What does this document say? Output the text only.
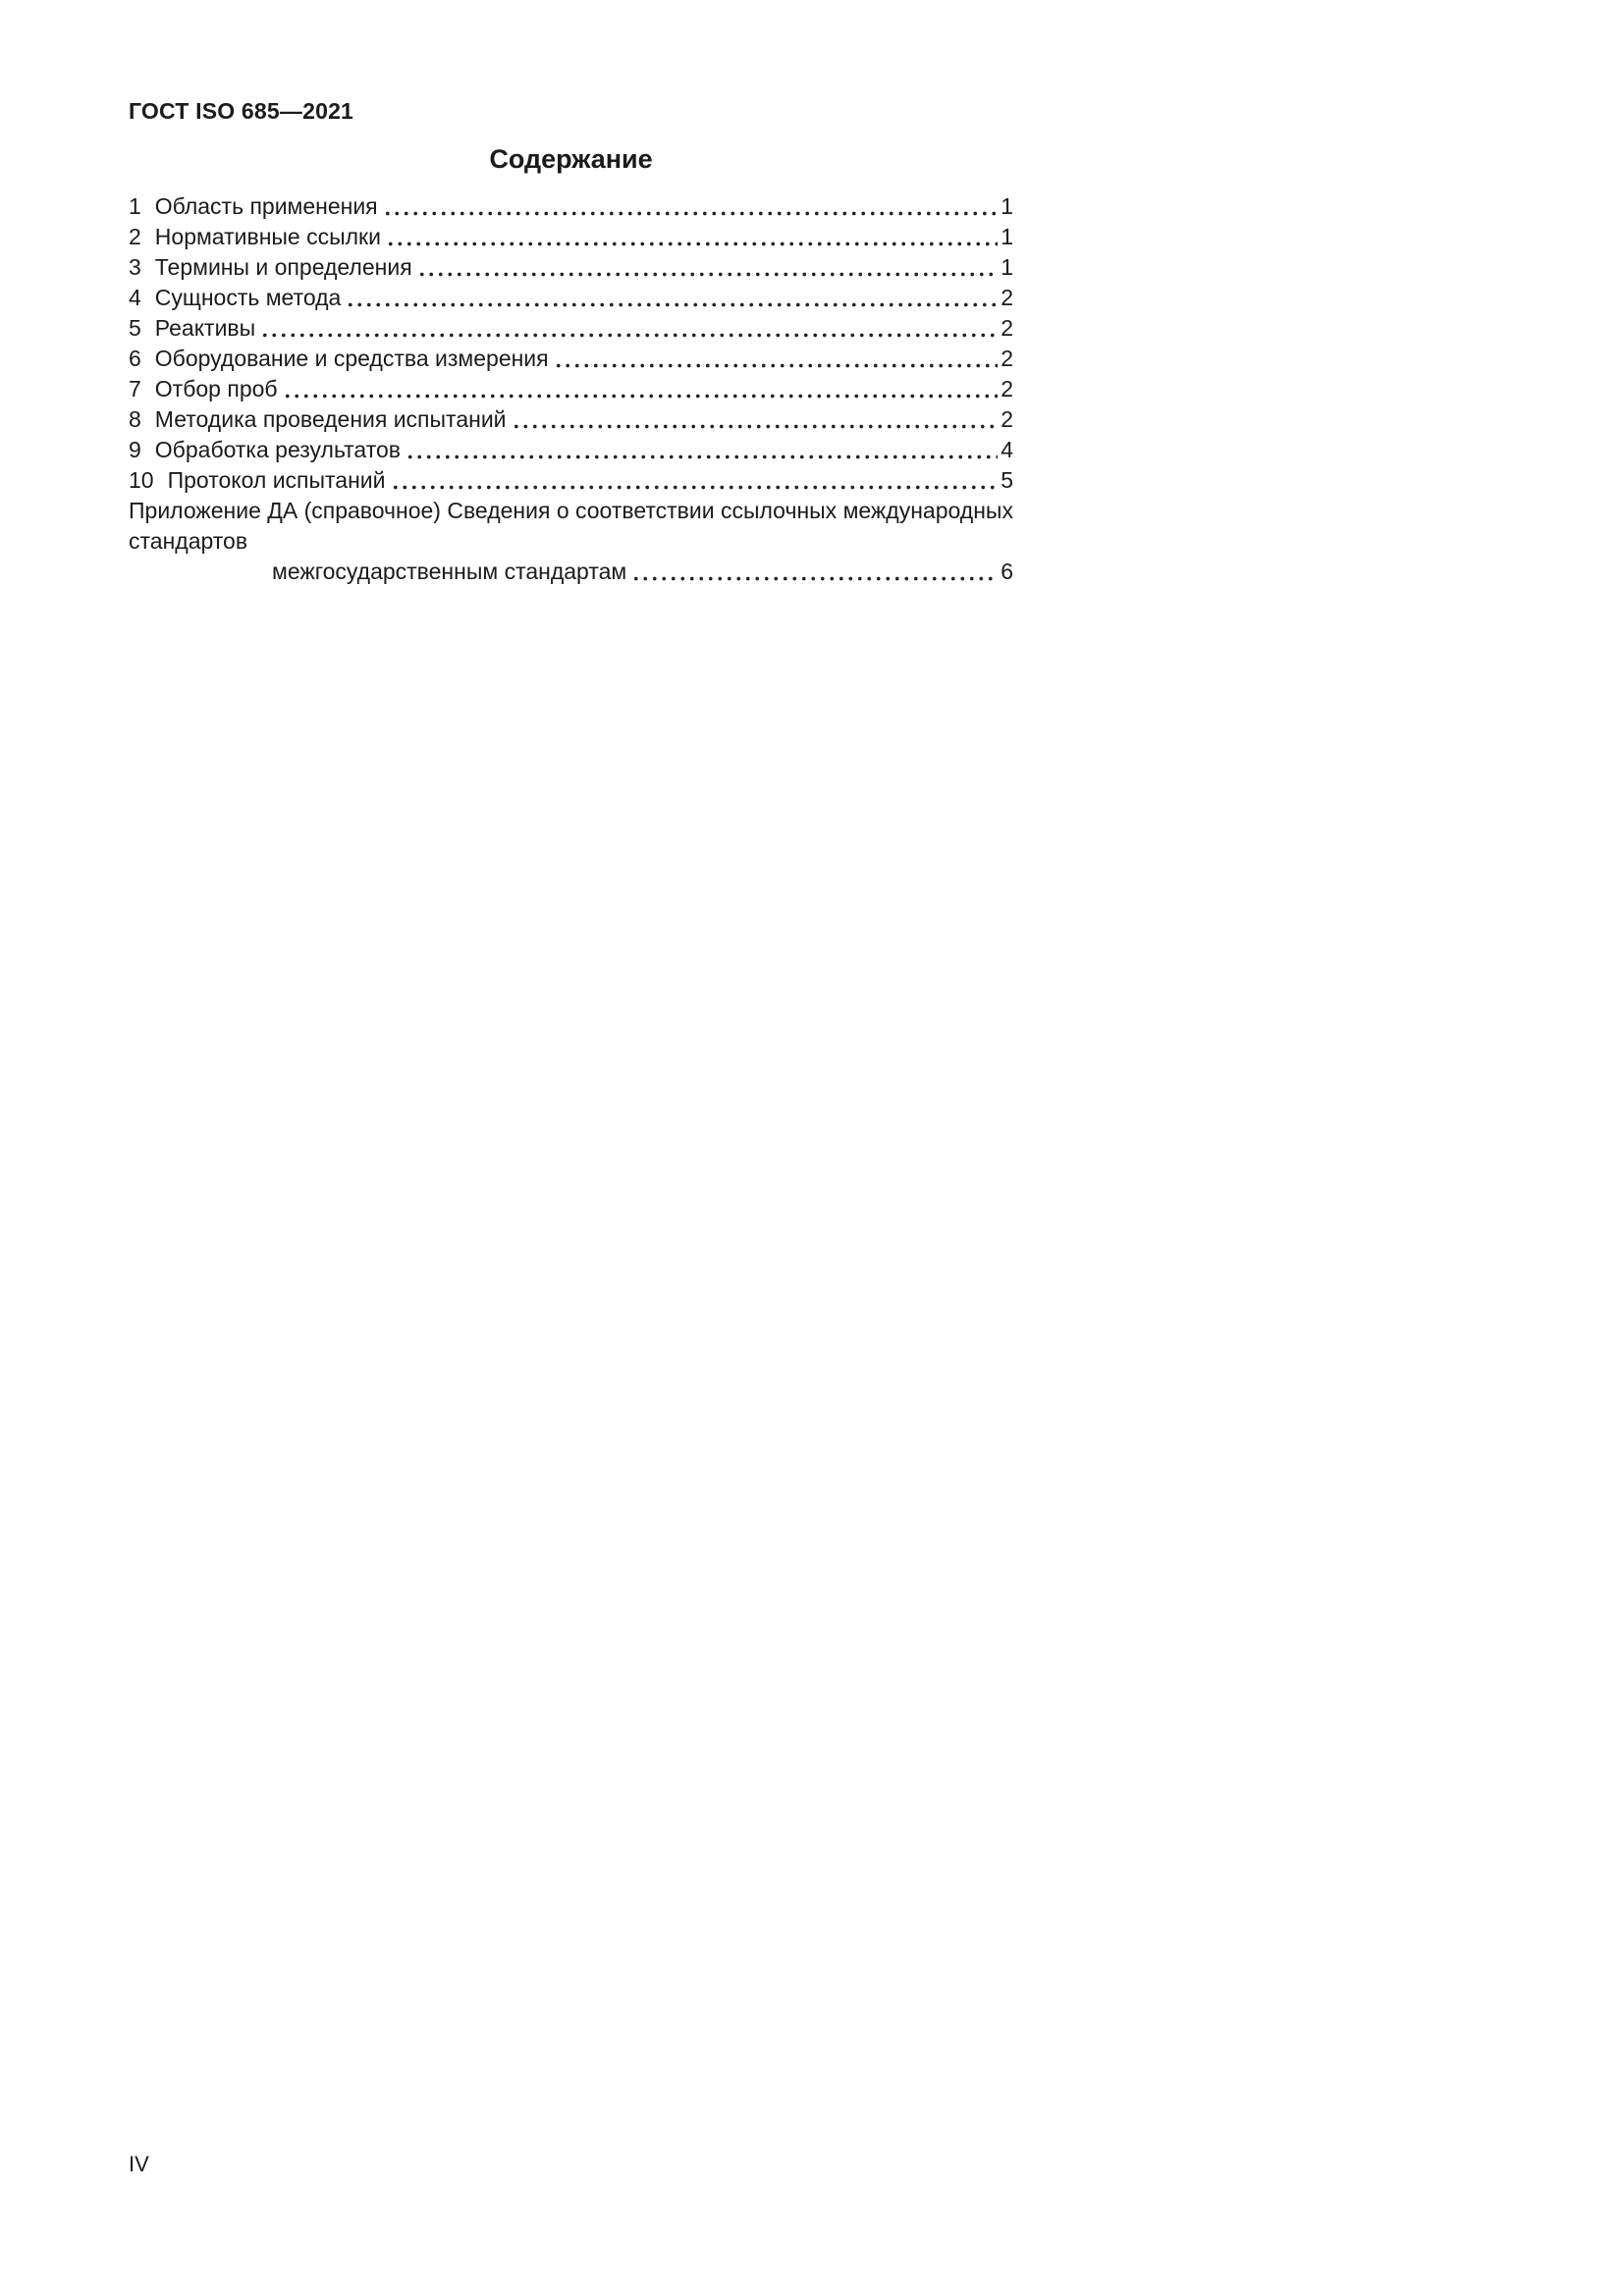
ГОСТ ISO 685—2021
Содержание
1 Область применения	1
2 Нормативные ссылки	1
3 Термины и определения	1
4 Сущность метода	2
5 Реактивы	2
6 Оборудование и средства измерения	2
7 Отбор проб	2
8 Методика проведения испытаний	2
9 Обработка результатов	4
10 Протокол испытаний	5
Приложение ДА (справочное) Сведения о соответствии ссылочных международных стандартов
межгосударственным стандартам	6
IV
